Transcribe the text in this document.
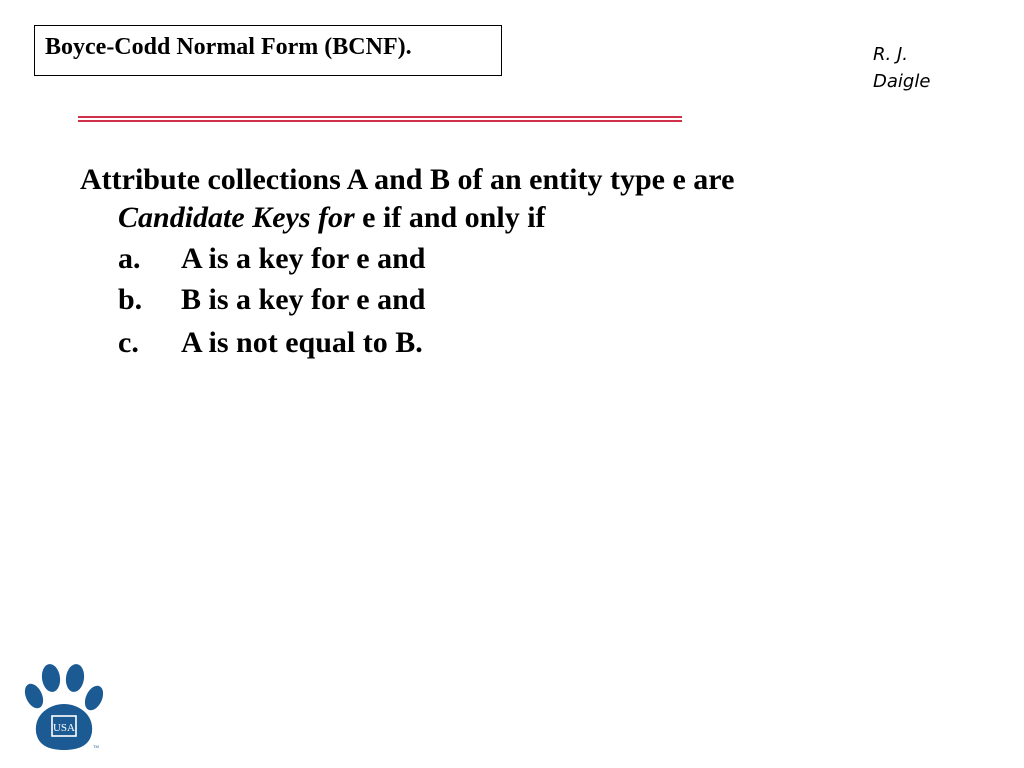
Boyce-Codd Normal Form (BCNF).	R. J.
Daigle
Attribute collections A and B of an entity type e are
Candidate Keys for e if and only if
a. A is a key for e and
b. B is a key for e and
c. A is not equal to B.
USA
TM
